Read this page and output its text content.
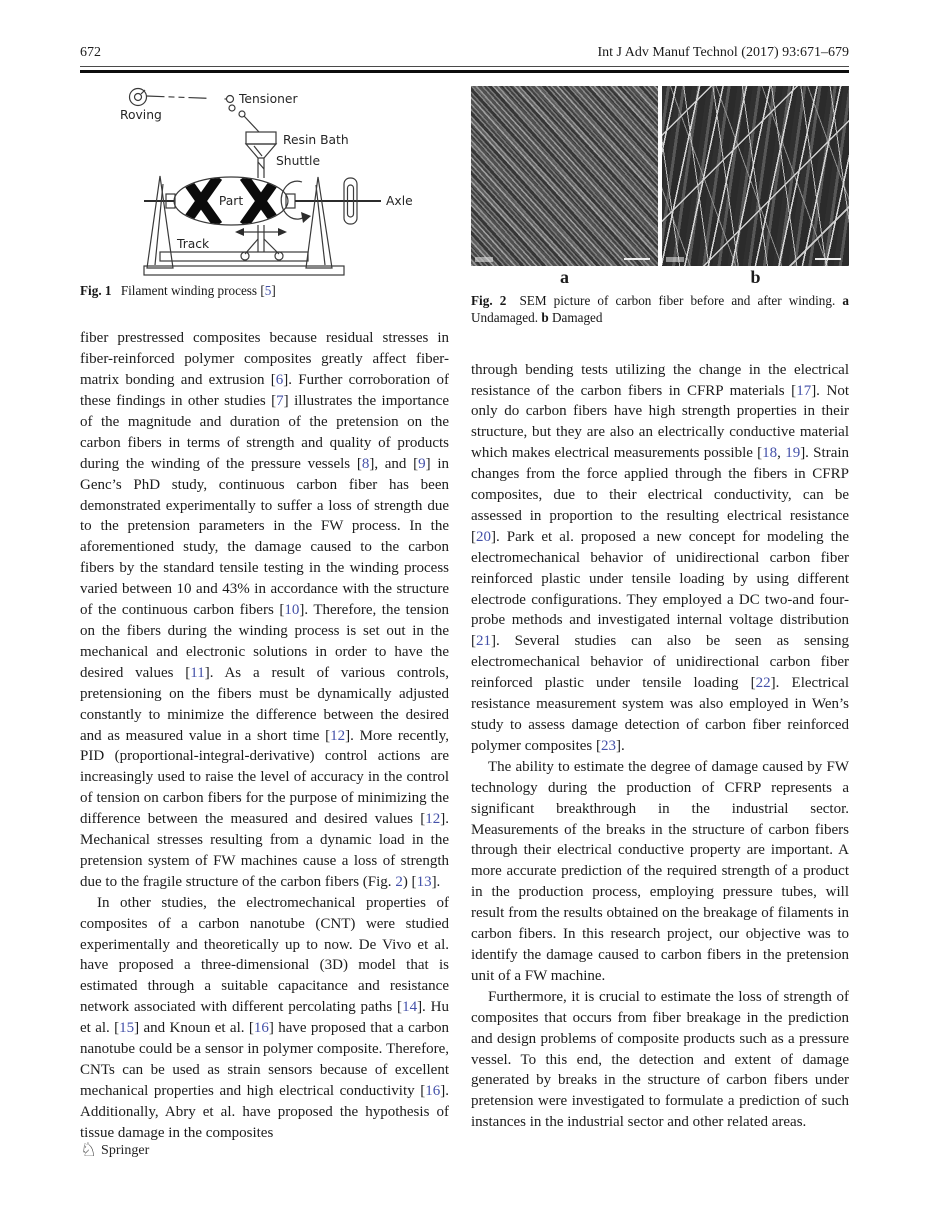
672	Int J Adv Manuf Technol (2017) 93:671–679
Roving
Tensioner
Resin Bath
Shuttle
Part	Axle
Track

Fig. 1 Filament winding process [5]

fiber prestressed composites because residual stresses in fiber-reinforced polymer composites greatly affect fiber-matrix bonding and extrusion [6]. Further corroboration of these findings in other studies [7] illustrates the importance of the magnitude and duration of the pretension on the carbon fibers in terms of strength and quality of products during the winding of the pressure vessels [8], and [9] in Genc’s PhD study, continuous carbon fiber has been demonstrated experimentally to suffer a loss of strength due to the pretension parameters in the FW process. In the aforementioned study, the damage caused to the carbon fibers by the standard tensile testing in the winding process varied between 10 and 43% in accordance with the structure of the continuous carbon fibers [10]. Therefore, the tension on the fibers during the winding process is set out in the mechanical and electronic solutions in order to have the desired values [11]. As a result of various controls, pretensioning on the fibers must be dynamically adjusted constantly to minimize the difference between the desired and as measured value in a short time [12]. More recently, PID (proportional-integral-derivative) control actions are increasingly used to raise the level of accuracy in the control of tension on carbon fibers for the purpose of minimizing the difference between the measured and desired values [12]. Mechanical stresses resulting from a dynamic load in the pretension system of FW machines cause a loss of strength due to the fragile structure of the carbon fibers (Fig. 2) [13].

In other studies, the electromechanical properties of composites of a carbon nanotube (CNT) were studied experimentally and theoretically up to now. De Vivo et al. have proposed a three-dimensional (3D) model that is estimated through a suitable capacitance and resistance network associated with different percolating paths [14]. Hu et al. [15] and Knoun et al. [16] have proposed that a carbon nanotube could be a sensor in polymer composite. Therefore, CNTs can be used as strain sensors because of excellent mechanical properties and high electrical conductivity [16]. Additionally, Abry et al. have proposed the hypothesis of tissue damage in the composites

a	b

Fig. 2 SEM picture of carbon fiber before and after winding. a Undamaged. b Damaged

through bending tests utilizing the change in the electrical resistance of the carbon fibers in CFRP materials [17]. Not only do carbon fibers have high strength properties in their structure, but they are also an electrically conductive material which makes electrical measurements possible [18, 19]. Strain changes from the force applied through the fibers in CFRP composites, due to their electrical conductivity, can be assessed in proportion to the resulting electrical resistance [20]. Park et al. proposed a new concept for modeling the electromechanical behavior of unidirectional carbon fiber reinforced plastic under tensile loading by using different electrode configurations. They employed a DC two-and four-probe methods and investigated internal voltage distribution [21]. Several studies can also be seen as sensing electromechanical behavior of unidirectional carbon fiber reinforced plastic under tensile loading [22]. Electrical resistance measurement system was also employed in Wen’s study to assess damage detection of carbon fiber reinforced polymer composites [23].

The ability to estimate the degree of damage caused by FW technology during the production of CFRP represents a significant breakthrough in the industrial sector. Measurements of the breaks in the structure of carbon fibers through their electrical conductive property are important. A more accurate prediction of the required strength of a product in the production process, employing pressure tubes, will result from the results obtained on the breakage of filaments in carbon fibers. In this research project, our objective was to identify the damage caused to carbon fibers in the pretension unit of a FW machine.

Furthermore, it is crucial to estimate the loss of strength of composites that occurs from fiber breakage in the prediction and design problems of composite products such as a pressure vessel. To this end, the detection and extent of damage generated by breaks in the structure of carbon fibers under pretension were investigated to formulate a prediction of such instances in the industrial sector and other related areas.

♘ Springer
